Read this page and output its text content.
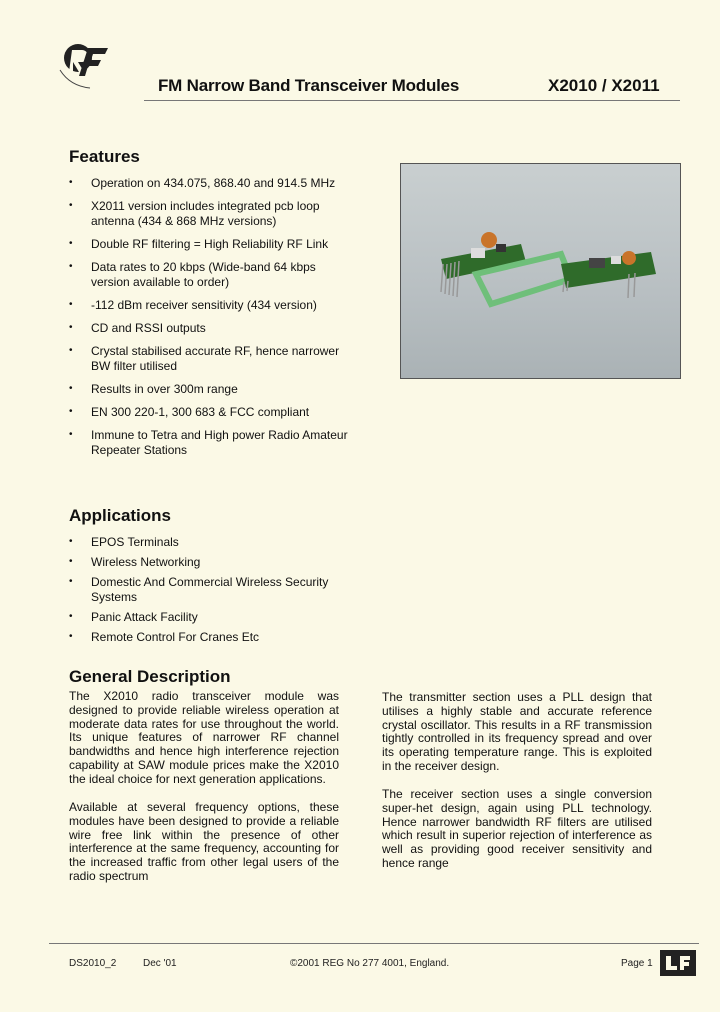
FM Narrow Band Transceiver Modules	X2010 / X2011
Features
• Operation on 434.075, 868.40 and 914.5 MHz
• X2011 version includes integrated pcb loop antenna (434 & 868 MHz versions)
• Double RF filtering = High Reliability RF Link
• Data rates to 20 kbps (Wide-band 64 kbps version available to order)
• -112 dBm receiver sensitivity (434 version)
• CD and RSSI outputs
• Crystal stabilised accurate RF, hence narrower BW filter utilised
• Results in over 300m range
• EN 300 220-1, 300 683 & FCC compliant
• Immune to Tetra and High power Radio Amateur Repeater Stations
Applications
• EPOS Terminals
• Wireless Networking
• Domestic And Commercial Wireless Security Systems
• Panic Attack Facility
• Remote Control For Cranes Etc
General Description

The X2010 radio transceiver module was designed to provide reliable wireless operation at moderate data rates for use throughout the world. Its unique features of narrower RF channel bandwidths and hence high interference rejection capability at SAW module prices make the X2010 the ideal choice for next generation applications.

Available at several frequency options, these modules have been designed to provide a reliable wire free link within the presence of other interference at the same frequency, accounting for the increased traffic from other legal users of the radio spectrum

The transmitter section uses a PLL design that utilises a highly stable and accurate reference crystal oscillator. This results in a RF transmission tightly controlled in its frequency spread and over its operating temperature range. This is exploited in the receiver design.

The receiver section uses a single conversion super-het design, again using PLL technology. Hence narrower bandwidth RF filters are utilised which result in superior rejection of interference as well as providing good receiver sensitivity and hence range

DS2010_2	Dec '01	©2001 REG No 277 4001, England.	Page 1
